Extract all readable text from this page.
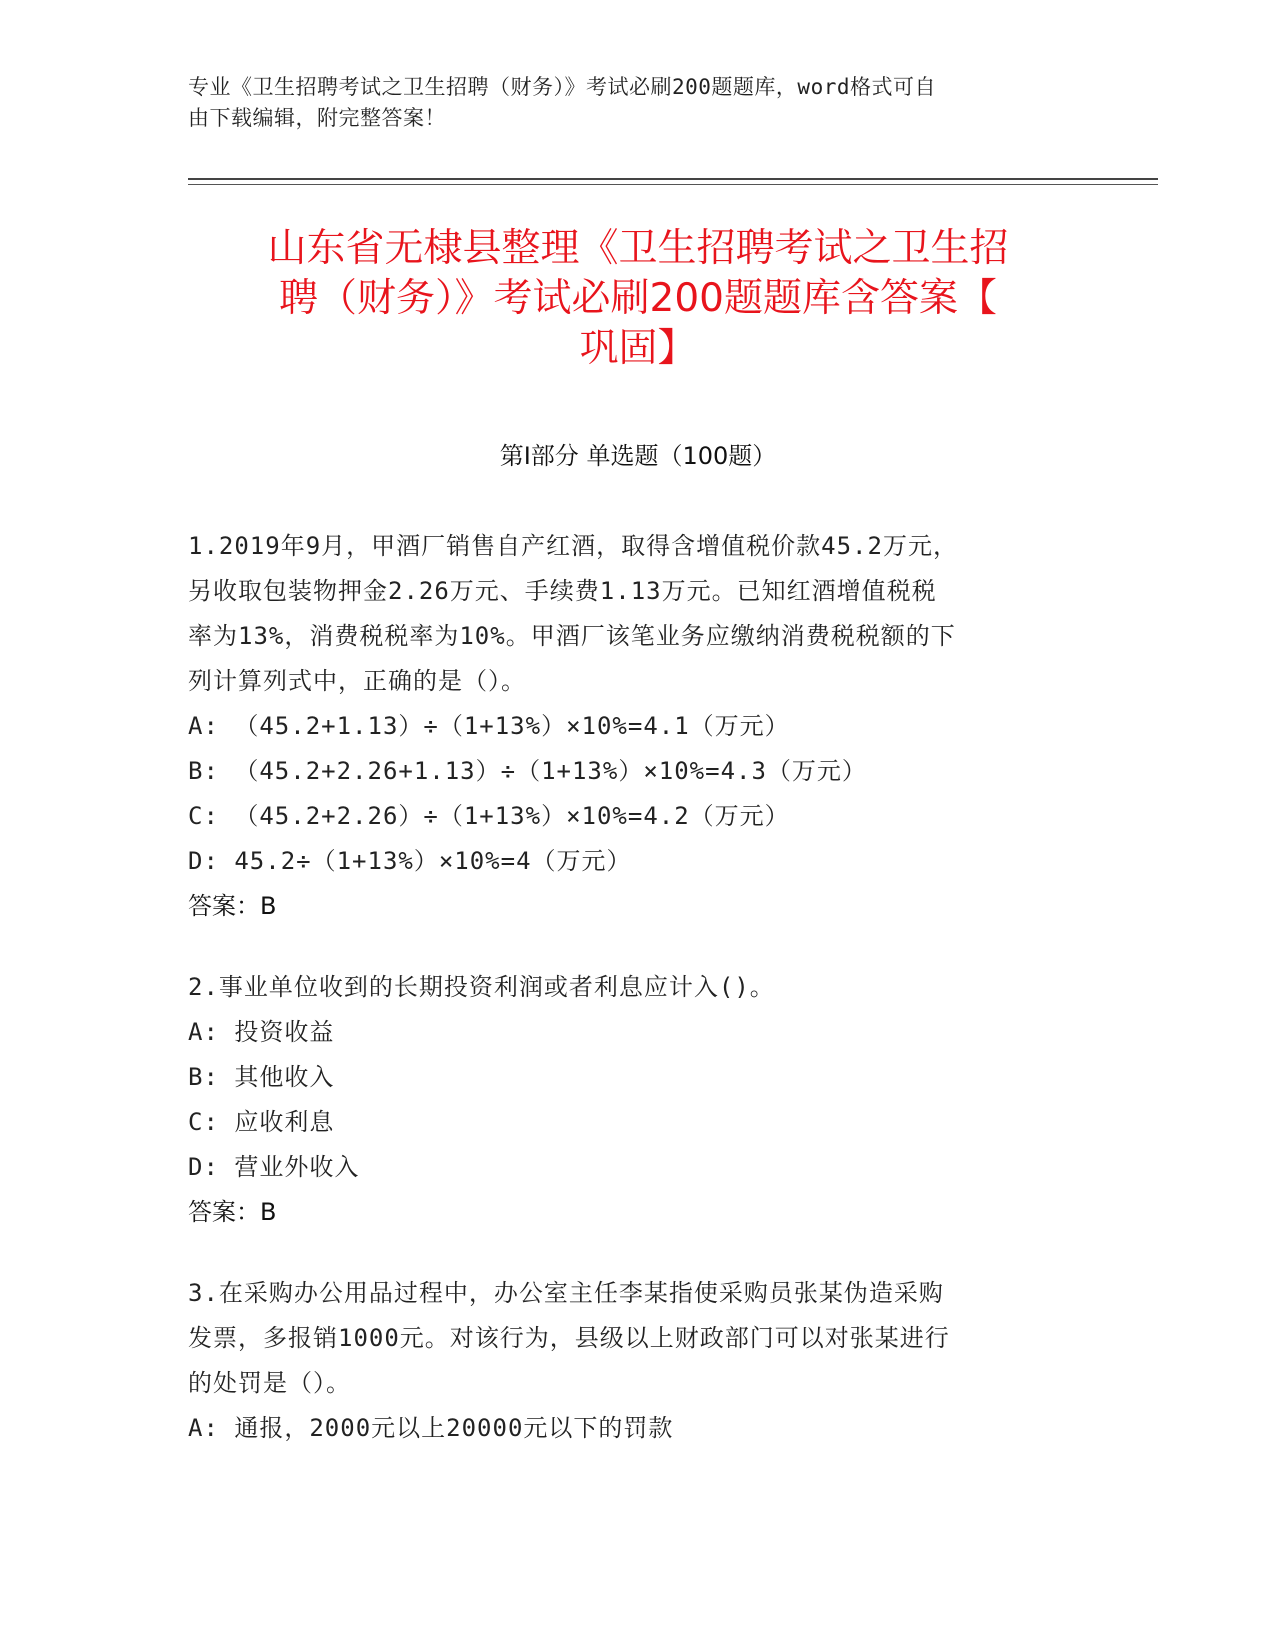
专业《卫生招聘考试之卫生招聘（财务）》考试必刷200题题库，word格式可自
由下载编辑，附完整答案！
山东省无棣县整理《卫生招聘考试之卫生招
聘（财务）》考试必刷200题题库含答案【
巩固】
第I部分 单选题（100题）
1.2019年9月，甲酒厂销售自产红酒，取得含增值税价款45.2万元，
另收取包装物押金2.26万元、手续费1.13万元。已知红酒增值税税
率为13%，消费税税率为10%。甲酒厂该笔业务应缴纳消费税税额的下
列计算列式中，正确的是（）。
A: （45.2+1.13）÷（1+13%）×10%=4.1（万元）
B: （45.2+2.26+1.13）÷（1+13%）×10%=4.3（万元）
C: （45.2+2.26）÷（1+13%）×10%=4.2（万元）
D: 45.2÷（1+13%）×10%=4（万元）
答案：B
2.事业单位收到的长期投资利润或者利息应计入()。
A: 投资收益
B: 其他收入
C: 应收利息
D: 营业外收入
答案：B
3.在采购办公用品过程中，办公室主任李某指使采购员张某伪造采购
发票，多报销1000元。对该行为，县级以上财政部门可以对张某进行
的处罚是（）。
A: 通报，2000元以上20000元以下的罚款
